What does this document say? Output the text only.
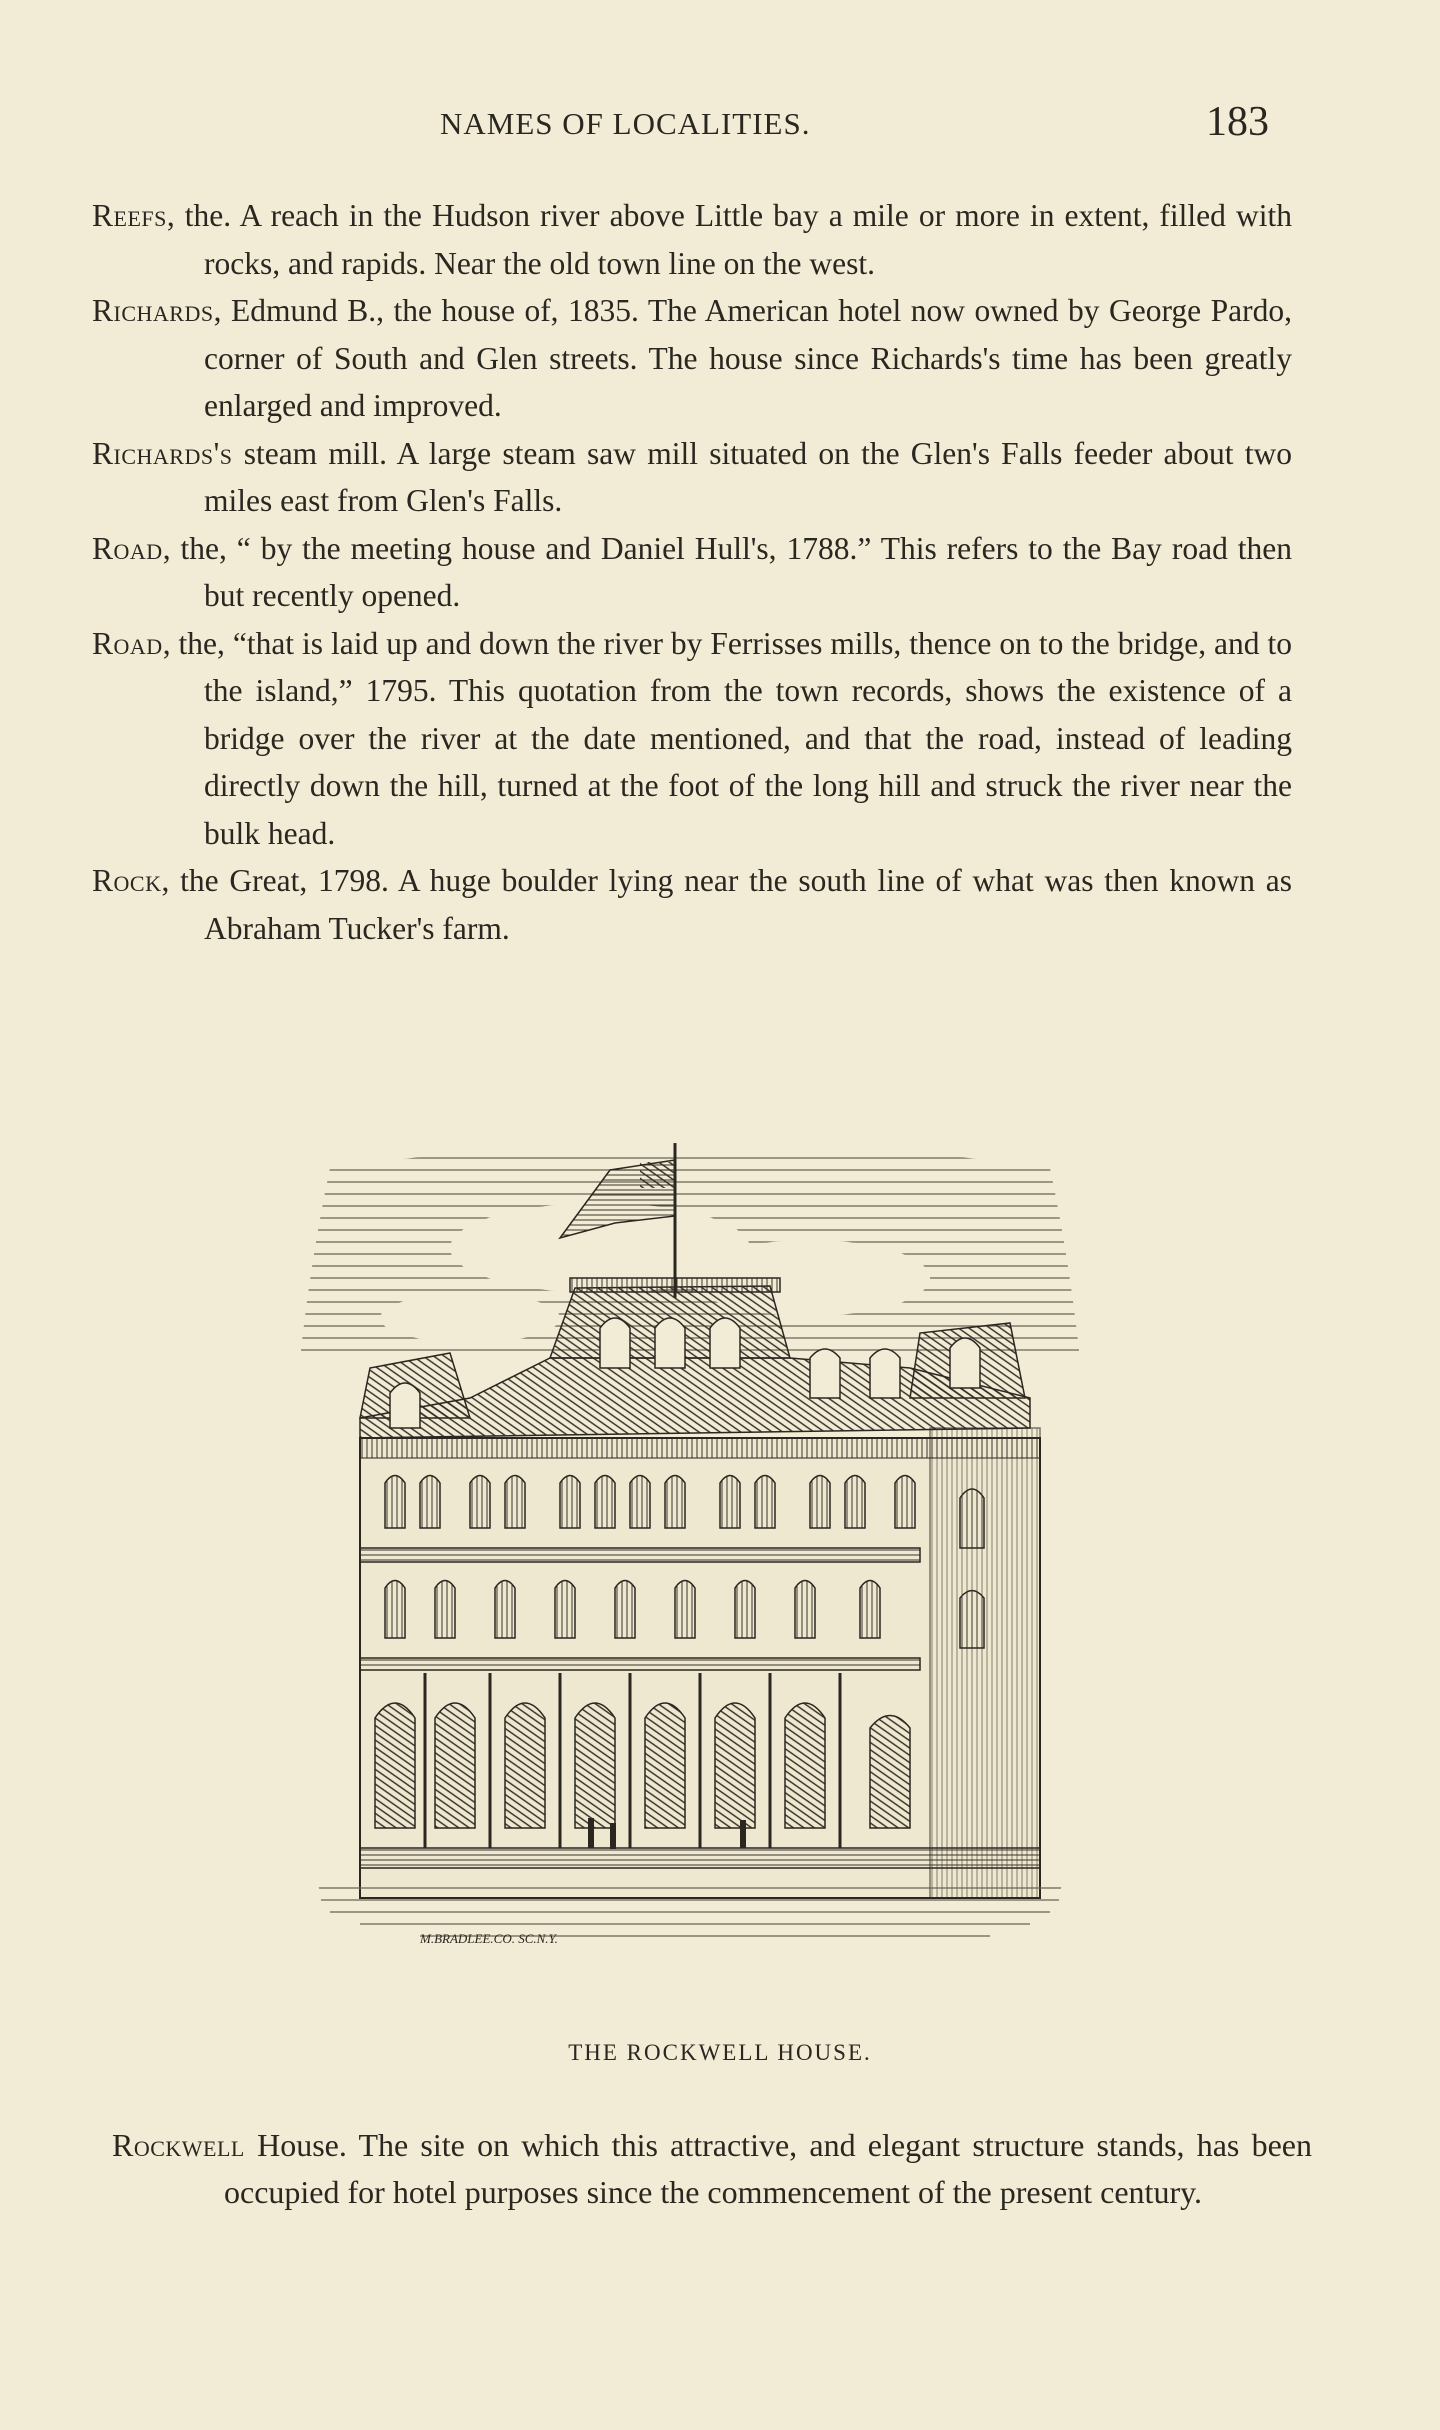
NAMES OF LOCALITIES.	183

Reefs, the. A reach in the Hudson river above Little bay a mile or more in extent, filled with rocks, and rapids. Near the old town line on the west.

Richards, Edmund B., the house of, 1835. The American hotel now owned by George Pardo, corner of South and Glen streets. The house since Richards's time has been greatly enlarged and improved.

Richards's steam mill. A large steam saw mill situated on the Glen's Falls feeder about two miles east from Glen's Falls.

Road, the, “ by the meeting house and Daniel Hull's, 1788.” This refers to the Bay road then but recently opened.

Road, the, “that is laid up and down the river by Ferrisses mills, thence on to the bridge, and to the island,” 1795. This quotation from the town records, shows the existence of a bridge over the river at the date mentioned, and that the road, instead of leading directly down the hill, turned at the foot of the long hill and struck the river near the bulk head.

Rock, the Great, 1798. A huge boulder lying near the south line of what was then known as Abraham Tucker's farm.

M.BRADLEE.CO. SC.N.Y.
THE ROCKWELL HOUSE.

Rockwell House. The site on which this attractive, and elegant structure stands, has been occupied for hotel purposes since the commencement of the present century.
